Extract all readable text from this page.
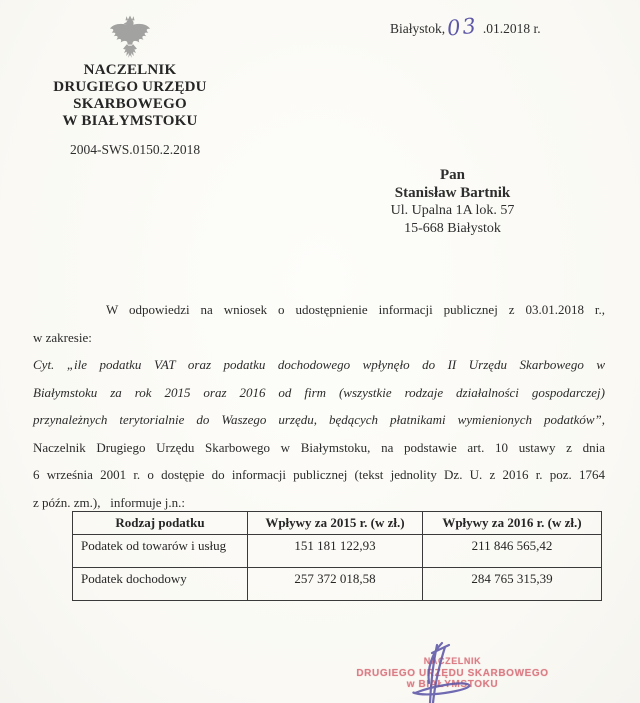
Białystok,03 .01.2018 r.
NACZELNIK
DRUGIEGO URZĘDU SKARBOWEGO
W BIAŁYMSTOKU
2004-SWS.0150.2.2018
Pan
Stanisław Bartnik
Ul. Upalna 1A lok. 57
15-668 Białystok
W odpowiedzi na wniosek o udostępnienie informacji publicznej z 03.01.2018 r.,
w zakresie:
Cyt. „ile podatku VAT oraz podatku dochodowego wpłynęło do II Urzędu Skarbowego w
Białymstoku za rok 2015 oraz 2016 od firm (wszystkie rodzaje działalności gospodarczej)
przynależnych terytorialnie do Waszego urzędu, będących płatnikami wymienionych podatków”,
Naczelnik Drugiego Urzędu Skarbowego w Białymstoku, na podstawie art. 10 ustawy z dnia
6 września 2001 r. o dostępie do informacji publicznej (tekst jednolity Dz. U. z 2016 r. poz. 1764
z późn. zm.),   informuje j.n.:
Rodzaj podatku	Wpływy za 2015 r. (w zł.)	Wpływy za 2016 r. (w zł.)
Podatek od towarów i usług	151 181 122,93	211 846 565,42
Podatek dochodowy	257 372 018,58	284 765 315,39
NACZELNIK
DRUGIEGO URZĘDU SKARBOWEGO
w BIAŁYMSTOKU
